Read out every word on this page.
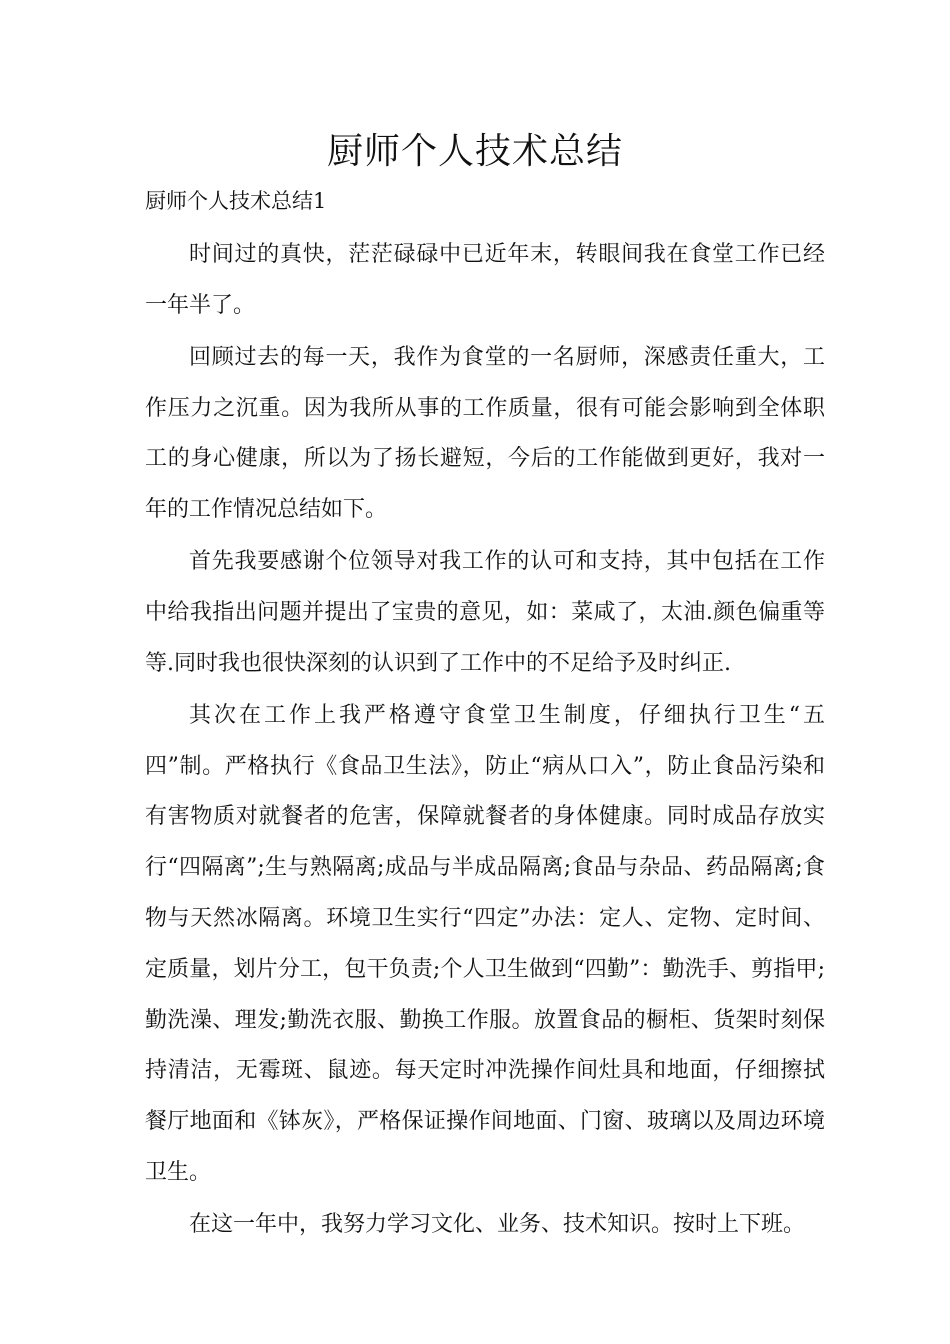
厨师个人技术总结

厨师个人技术总结1

时间过的真快，茫茫碌碌中已近年末，转眼间我在食堂工作已经一年半了。

回顾过去的每一天，我作为食堂的一名厨师，深感责任重大，工作压力之沉重。因为我所从事的工作质量，很有可能会影响到全体职工的身心健康，所以为了扬长避短，今后的工作能做到更好，我对一年的工作情况总结如下。

首先我要感谢个位领导对我工作的认可和支持，其中包括在工作中给我指出问题并提出了宝贵的意见，如：菜咸了，太油.颜色偏重等等.同时我也很快深刻的认识到了工作中的不足给予及时纠正.

其次在工作上我严格遵守食堂卫生制度，仔细执行卫生“五四”制。严格执行《食品卫生法》，防止“病从口入”，防止食品污染和有害物质对就餐者的危害，保障就餐者的身体健康。同时成品存放实行“四隔离”;生与熟隔离;成品与半成品隔离;食品与杂品、药品隔离;食物与天然冰隔离。环境卫生实行“四定”办法：定人、定物、定时间、定质量，划片分工，包干负责;个人卫生做到“四勤”：勤洗手、剪指甲;勤洗澡、理发;勤洗衣服、勤换工作服。放置食品的橱柜、货架时刻保持清洁，无霉斑、鼠迹。每天定时冲洗操作间灶具和地面，仔细擦拭餐厅地面和《钵灰》，严格保证操作间地面、门窗、玻璃以及周边环境卫生。

在这一年中，我努力学习文化、业务、技术知识。按时上下班。
